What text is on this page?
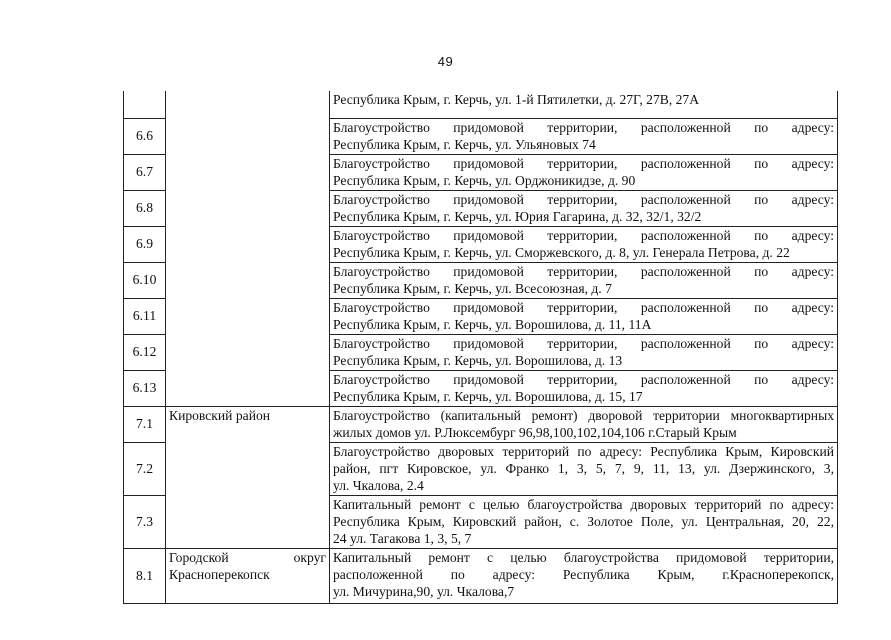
49

		Республика Крым, г. Керчь, ул. 1-й Пятилетки, д. 27Г, 27В, 27А

6.6		Благоустройство придомовой территории, расположенной по адресу:
Республика Крым, г. Керчь, ул. Ульяновых 74

6.7		Благоустройство придомовой территории, расположенной по адресу:
Республика Крым, г. Керчь, ул. Орджоникидзе, д. 90

6.8		Благоустройство придомовой территории, расположенной по адресу:
Республика Крым, г. Керчь, ул. Юрия Гагарина, д. 32, 32/1, 32/2

6.9		Благоустройство придомовой территории, расположенной по адресу:
Республика Крым, г. Керчь, ул. Сморжевского, д. 8, ул. Генерала Петрова, д. 22

6.10		Благоустройство придомовой территории, расположенной по адресу:
Республика Крым, г. Керчь, ул. Всесоюзная, д. 7

6.11		Благоустройство придомовой территории, расположенной по адресу:
Республика Крым, г. Керчь, ул. Ворошилова, д. 11, 11А

6.12		Благоустройство придомовой территории, расположенной по адресу:
Республика Крым, г. Керчь, ул. Ворошилова, д. 13

6.13		Благоустройство придомовой территории, расположенной по адресу:
Республика Крым, г. Керчь, ул. Ворошилова, д. 15, 17

7.1	Кировский район	Благоустройство (капитальный ремонт) дворовой территории многоквартирных
жилых домов ул. Р.Люксембург 96,98,100,102,104,106 г.Старый Крым

7.2		Благоустройство дворовых территорий по адресу: Республика Крым, Кировский
район, пгт Кировское, ул. Франко 1, 3, 5, 7, 9, 11, 13, ул. Дзержинского, 3,
ул. Чкалова, 2.4

7.3		Капитальный ремонт с целью благоустройства дворовых территорий по адресу:
Республика Крым, Кировский район, с. Золотое Поле, ул. Центральная, 20, 22,
24 ул. Тагакова 1, 3, 5, 7

8.1	Городской округ Красноперекопск	Капитальный ремонт с целью благоустройства придомовой территории,
расположенной по адресу: Республика Крым, г.Красноперекопск,
ул. Мичурина,90, ул. Чкалова,7
